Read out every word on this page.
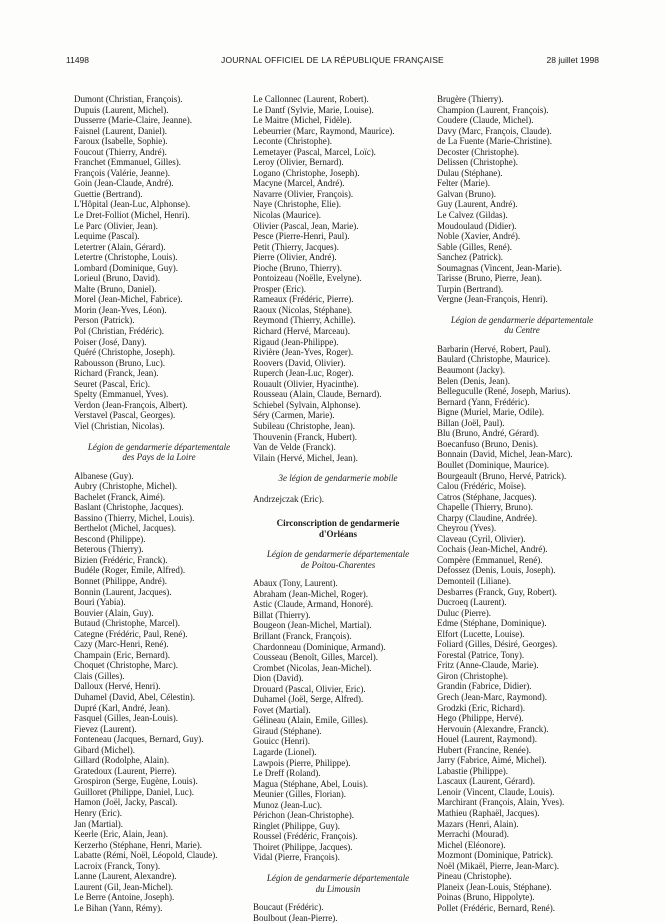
11498	JOURNAL OFFICIEL DE LA RÉPUBLIQUE FRANÇAISE	28 juillet 1998
Dumont (Christian, François).
Dupuis (Laurent, Michel).
Dusserre (Marie-Claire, Jeanne).
Faisnel (Laurent, Daniel).
Faroux (Isabelle, Sophie).
Foucout (Thierry, André).
Franchet (Emmanuel, Gilles).
François (Valérie, Jeanne).
Goin (Jean-Claude, André).
Guettie (Bertrand).
L'Hôpital (Jean-Luc, Alphonse).
Le Dret-Folliot (Michel, Henri).
Le Parc (Olivier, Jean).
Lequime (Pascal).
Letertrer (Alain, Gérard).
Letertre (Christophe, Louis).
Lombard (Dominique, Guy).
Lorieul (Bruno, David).
Malte (Bruno, Daniel).
Morel (Jean-Michel, Fabrice).
Morin (Jean-Yves, Léon).
Person (Patrick).
Pol (Christian, Frédéric).
Poiser (José, Dany).
Quéré (Christophe, Joseph).
Rabousson (Bruno, Luc).
Richard (Franck, Jean).
Seuret (Pascal, Eric).
Spelty (Emmanuel, Yves).
Verdon (Jean-François, Albert).
Verstavel (Pascal, Georges).
Viel (Christian, Nicolas).
Légion de gendarmerie départementale
des Pays de la Loire
Albanese (Guy).
Aubry (Christophe, Michel).
Bachelet (Franck, Aimé).
Baslant (Christophe, Jacques).
Bassino (Thierry, Michel, Louis).
Berthelot (Michel, Jacques).
Bescond (Philippe).
Beterous (Thierry).
Bizien (Frédéric, Franck).
Budéle (Roger, Emile, Alfred).
Bonnet (Philippe, André).
Bonnin (Laurent, Jacques).
Bouri (Yabia).
Bouvier (Alain, Guy).
Butaud (Christophe, Marcel).
Categne (Frédéric, Paul, René).
Cazy (Marc-Henri, René).
Champain (Eric, Bernard).
Choquet (Christophe, Marc).
Clais (Gilles).
Dalloux (Hervé, Henri).
Duhamel (David, Abel, Célestin).
Dupré (Karl, André, Jean).
Fasquel (Gilles, Jean-Louis).
Fievez (Laurent).
Fonteneau (Jacques, Bernard, Guy).
Gibard (Michel).
Gillard (Rodolphe, Alain).
Gratedoux (Laurent, Pierre).
Grospiron (Serge, Eugène, Louis).
Guilloret (Philippe, Daniel, Luc).
Hamon (Joël, Jacky, Pascal).
Henry (Eric).
Jan (Martial).
Keerle (Eric, Alain, Jean).
Kerzerho (Stéphane, Henri, Marie).
Labatte (Rémi, Noël, Léopold, Claude).
Lacroix (Franck, Tony).
Lanne (Laurent, Alexandre).
Laurent (Gil, Jean-Michel).
Le Berre (Antoine, Joseph).
Le Bihan (Yann, Rémy).
Le Callonnec (Laurent, Robert).
Le Dantf (Sylvie, Marie, Louise).
Le Maitre (Michel, Fidèle).
Lebeurrier (Marc, Raymond, Maurice).
Leconte (Christophe).
Lemetayer (Pascal, Marcel, Loïc).
Leroy (Olivier, Bernard).
Logano (Christophe, Joseph).
Macyne (Marcel, André).
Navarre (Olivier, François).
Naye (Christophe, Elie).
Nicolas (Maurice).
Olivier (Pascal, Jean, Marie).
Pesce (Pierre-Henri, Paul).
Petit (Thierry, Jacques).
Pierre (Olivier, André).
Pioche (Bruno, Thierry).
Pontoizeau (Noëlle, Evelyne).
Prosper (Eric).
Rameaux (Frédéric, Pierre).
Raoux (Nicolas, Stéphane).
Reymond (Thierry, Achille).
Richard (Hervé, Marceau).
Rigaud (Jean-Philippe).
Rivière (Jean-Yves, Roger).
Roovers (David, Olivier).
Ruperch (Jean-Luc, Roger).
Rouault (Olivier, Hyacinthe).
Rousseau (Alain, Claude, Bernard).
Schiebel (Sylvain, Alphonse).
Séry (Carmen, Marie).
Subileau (Christophe, Jean).
Thouvenin (Franck, Hubert).
Van de Velde (Franck).
Vilain (Hervé, Michel, Jean).
3e légion de gendarmerie mobile
Andrzejczak (Eric).
Circonscription de gendarmerie
d'Orléans
Légion de gendarmerie départementale
de Poitou-Charentes
Abaux (Tony, Laurent).
Abraham (Jean-Michel, Roger).
Astic (Claude, Armand, Honoré).
Billat (Thierry).
Bougeon (Jean-Michel, Martial).
Brillant (Franck, François).
Chardonneau (Dominique, Armand).
Cousseau (Benoît, Gilles, Marcel).
Crombet (Nicolas, Jean-Michel).
Dion (David).
Drouard (Pascal, Olivier, Eric).
Duhamel (Joël, Serge, Alfred).
Fovet (Martial).
Gélineau (Alain, Emile, Gilles).
Giraud (Stéphane).
Gouicc (Henri).
Lagarde (Lionel).
Lawpois (Pierre, Philippe).
Le Dreff (Roland).
Magua (Stéphane, Abel, Louis).
Meunier (Gilles, Florian).
Munoz (Jean-Luc).
Périchon (Jean-Christophe).
Ringlet (Philippe, Guy).
Roussel (Frédéric, François).
Thoiret (Philippe, Jacques).
Vidal (Pierre, François).
Légion de gendarmerie départementale
du Limousin
Boucaut (Frédéric).
Boulbout (Jean-Pierre).
Brugère (Thierry).
Champion (Laurent, François).
Coudere (Claude, Michel).
Davy (Marc, François, Claude).
de La Fuente (Marie-Christine).
Decoster (Christophe).
Delissen (Christophe).
Dulau (Stéphane).
Felter (Marie).
Galvan (Bruno).
Guy (Laurent, André).
Le Calvez (Gildas).
Moudoulaud (Didier).
Noble (Xavier, André).
Sable (Gilles, René).
Sanchez (Patrick).
Soumagnas (Vincent, Jean-Marie).
Tarisse (Bruno, Pierre, Jean).
Turpin (Bertrand).
Vergne (Jean-François, Henri).
Légion de gendarmerie départementale
du Centre
Barbarin (Hervé, Robert, Paul).
Baulard (Christophe, Maurice).
Beaumont (Jacky).
Belen (Denis, Jean).
Belleguculle (René, Joseph, Marius).
Bernard (Yann, Frédéric).
Bigne (Muriel, Marie, Odile).
Billan (Joël, Paul).
Blu (Bruno, André, Gérard).
Boecanfuso (Bruno, Denis).
Bonnain (David, Michel, Jean-Marc).
Boullet (Dominique, Maurice).
Bourgeault (Bruno, Hervé, Patrick).
Calou (Frédéric, Moïse).
Catros (Stéphane, Jacques).
Chapelle (Thierry, Bruno).
Charpy (Claudine, Andrée).
Cheyrou (Yves).
Claveau (Cyril, Olivier).
Cochais (Jean-Michel, André).
Compère (Emmanuel, René).
Defossez (Denis, Louis, Joseph).
Demonteil (Liliane).
Desbarres (Franck, Guy, Robert).
Ducroeq (Laurent).
Duluc (Pierre).
Edme (Stéphane, Dominique).
Elfort (Lucette, Louise).
Foliard (Gilles, Désiré, Georges).
Forestal (Patrice, Tony).
Fritz (Anne-Claude, Marie).
Giron (Christophe).
Grandin (Fabrice, Didier).
Grech (Jean-Marc, Raymond).
Grodzki (Eric, Richard).
Hego (Philippe, Hervé).
Hervouin (Alexandre, Franck).
Houel (Laurent, Raymond).
Hubert (Francine, Renée).
Jarry (Fabrice, Aimé, Michel).
Labastie (Philippe).
Lascaux (Laurent, Gérard).
Lenoir (Vincent, Claude, Louis).
Marchirant (François, Alain, Yves).
Mathieu (Raphaël, Jacques).
Mazars (Henri, Alain).
Merrachi (Mourad).
Michel (Eléonore).
Mozmont (Dominique, Patrick).
Noël (Mikaël, Pierre, Jean-Marc).
Pineau (Christophe).
Planeix (Jean-Louis, Stéphane).
Poinas (Bruno, Hippolyte).
Pollet (Frédéric, Bernard, René).
